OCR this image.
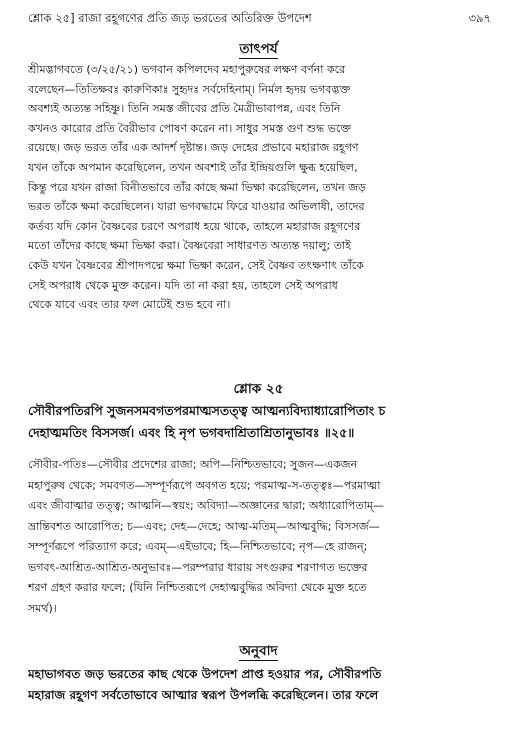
শ্লোক ২৫] রাজা রহূগণের প্রতি জড় ভরতের অতিরিক্ত উপদেশ	৩৯৭
তাৎপর্য
শ্রীমদ্ভাগবতে (৩/২৫/২১) ভগবান কপিলদেব মহাপুরুষের লক্ষণ বর্ণনা করে
বলেছেন—তিতিক্ষবঃ কারুণিকাঃ সুহৃদঃ সর্বদেহিনাম্। নির্মল হৃদয় ভগবদ্ভক্ত
অবশ্যই অত্যন্ত সহিষ্ণু। তিনি সমস্ত জীবের প্রতি মৈত্রীভাবাপন্ন, এবং তিনি
কখনও কারোর প্রতি বৈরীভাব পোষণ করেন না। সাধুর সমস্ত গুণ শুদ্ধ ভক্তে
রয়েছে। জড় ভরত তাঁর এক আদর্শ দৃষ্টান্ত। জড় দেহের প্রভাবে মহারাজ রহূগণ
যখন তাঁকে অপমান করেছিলেন, তখন অবশ্যই তাঁর ইন্দ্রিয়গুলি ক্ষুব্ধ হয়েছিল,
কিন্তু পরে যখন রাজা বিনীতভাবে তাঁর কাছে ক্ষমা ভিক্ষা করেছিলেন, তখন জড়
ভরত তাঁকে ক্ষমা করেছিলেন। যারা ভগবদ্ধামে ফিরে যাওয়ার অভিলাষী, তাদের
কর্তব্য যদি কোন বৈষ্ণবের চরণে অপরাধ হয়ে থাকে, তাহলে মহারাজ রহূগণের
মতো তাঁদের কাছে ক্ষমা ভিক্ষা করা। বৈষ্ণবেরা সাধারণত অত্যন্ত দয়ালু; তাই
কেউ যখন বৈষ্ণবের শ্রীপাদপদ্মে ক্ষমা ভিক্ষা করেন, সেই বৈষ্ণব তৎক্ষণাৎ তাঁকে
সেই অপরাধ থেকে মুক্ত করেন। যদি তা না করা হয়, তাহলে সেই অপরাধ
থেকে যাবে এবং তার ফল মোটেই শুভ হবে না।
শ্লোক ২৫
সৌবীরপতিরপি সুজনসমবগতপরমাত্মসতত্ত্ব আত্মন্যবিদ্যাধ্যারোপিতাং চ
দেহাত্মমতিং বিসসর্জ। এবং হি নৃপ ভগবদাশ্রিতাশ্রিতানুভাবঃ ॥২৫॥
সৌবীর-পতিঃ—সৌবীর প্রদেশের রাজা; অপি—নিশ্চিতভাবে; সুজন—একজন
মহাপুরুষ থেকে; সমবগত—সম্পূর্ণরূপে অবগত হয়ে; পরমাত্ম-স-তত্ত্বঃ—পরমাত্মা
এবং জীবাত্মার তত্ত্ব; আত্মনি—স্বয়ং; অবিদ্যা—অজ্ঞানের দ্বারা; অধ্যারোপিতাম্—
ভ্রান্তিবশত আরোপিত; চ—এবং; দেহ—দেহে; আত্ম-মতিম্—আত্মবুদ্ধি; বিসসর্জ—
সম্পূর্ণরূপে পরিত্যাগ করে; এবম্—এইভাবে; হি—নিশ্চিতভাবে; নৃপ—হে রাজন্;
ভগবৎ-আশ্রিত-আশ্রিত-অনুভাবঃ—পরম্পরার ধারায় সৎগুরুর শরণাগত ভক্তের
শরণ গ্রহণ করার ফলে; (যিনি নিশ্চিতরূপে দেহাত্মবুদ্ধির অবিদ্যা থেকে মুক্ত হতে
সমর্থ)।
অনুবাদ
মহাভাগবত জড় ভরতের কাছ থেকে উপদেশ প্রাপ্ত হওয়ার পর, সৌবীরপতি
মহারাজ রহূগণ সর্বতোভাবে আত্মার স্বরূপ উপলব্ধি করেছিলেন। তার ফলে
